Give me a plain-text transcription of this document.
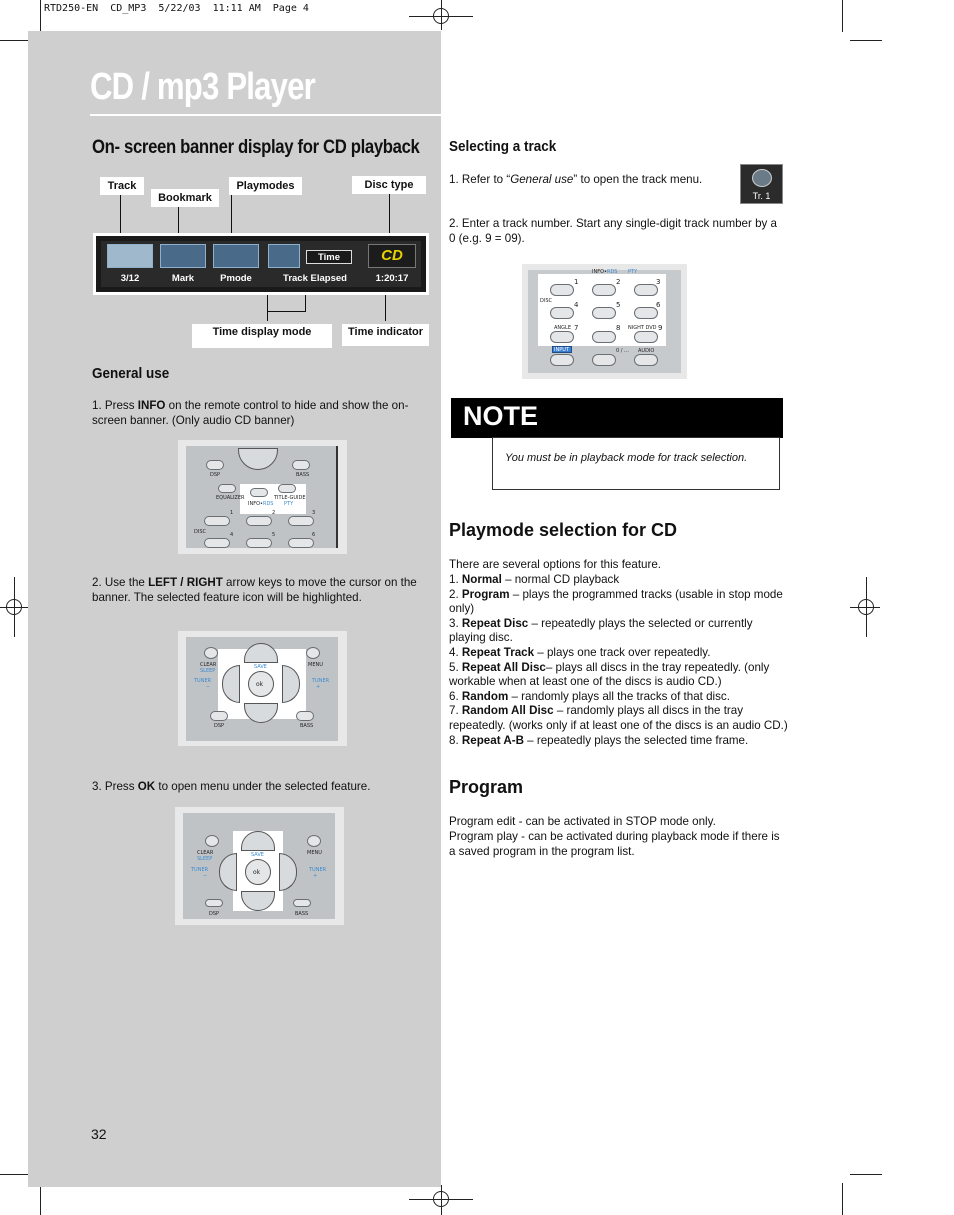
RTD250-EN  CD_MP3  5/22/03  11:11 AM  Page 4
CD / mp3 Player
On- screen banner display for CD playback
Track
Bookmark
Playmodes	Disc type
Time	CD
3/12	Mark	Pmode	Track Elapsed	1:20:17
Time display mode	Time indicator
General use
1. Press INFO on the remote control to hide and show the on- screen banner. (Only audio CD banner)
DSP	BASS
EQUALIZER
INFO•RDS
TITLE-GUIDE
PTY
1	2	3
DISC	4	5	6
2. Use the LEFT / RIGHT arrow keys to move the cursor on the banner. The selected feature icon will be highlighted.
CLEAR
SLEEP
MENU
SAVE
TUNER
−
TUNER
+
ok
DSP	BASS
3. Press OK to open menu under the selected feature.
CLEAR
SLEEP
MENU
SAVE
TUNER
−
TUNER
+
ok
DSP	BASS
32
Selecting a track
1. Refer to “General use” to open the track menu.
Tr. 1
2. Enter a track number. Start any single-digit track number by a 0 (e.g. 9 = 09).
INFO•RDS PTY
1	2	3
DISC	4	5	6
ANGLE 7	8 NIGHT DVD 9
INPUT	0 / ... AUDIO
NOTE
You must be in playback mode for track selection.
Playmode selection for CD
There are several options for this feature.
1. Normal – normal CD playback
2. Program – plays the programmed tracks (usable in stop mode only)
3. Repeat Disc – repeatedly plays the selected or currently playing disc.
4. Repeat Track – plays one track over repeatedly.
5. Repeat All Disc– plays all discs in the tray repeatedly. (only workable when at least one of the discs is audio CD.)
6. Random – randomly plays all the tracks of that disc.
7. Random All Disc – randomly plays all discs in the tray repeatedly. (works only if at least one of the discs is an audio CD.)
8. Repeat A-B – repeatedly plays the selected time frame.
Program
Program edit - can be activated in STOP mode only.
Program play - can be activated during playback mode if there is a saved program in the program list.
